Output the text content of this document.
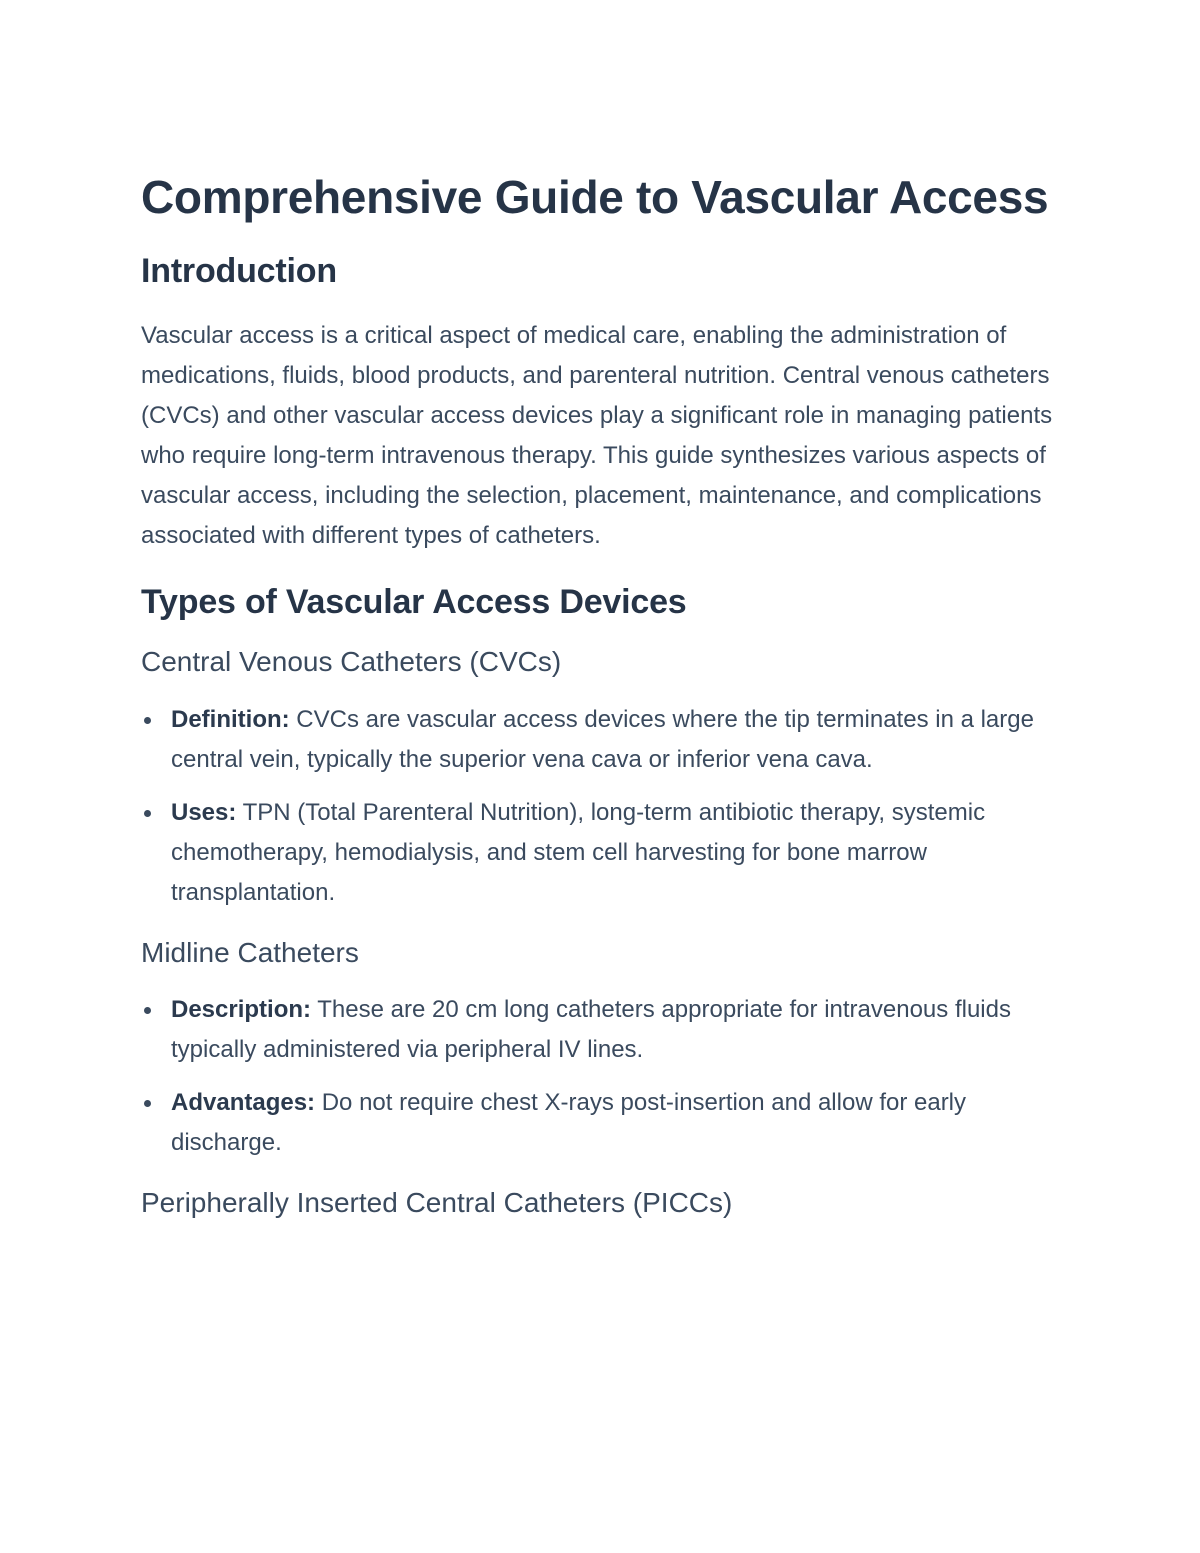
Comprehensive Guide to Vascular Access
Introduction

Vascular access is a critical aspect of medical care, enabling the administration of medications, fluids, blood products, and parenteral nutrition. Central venous catheters (CVCs) and other vascular access devices play a significant role in managing patients who require long-term intravenous therapy. This guide synthesizes various aspects of vascular access, including the selection, placement, maintenance, and complications associated with different types of catheters.

Types of Vascular Access Devices
Central Venous Catheters (CVCs)
Definition: CVCs are vascular access devices where the tip terminates in a large central vein, typically the superior vena cava or inferior vena cava.
Uses: TPN (Total Parenteral Nutrition), long-term antibiotic therapy, systemic chemotherapy, hemodialysis, and stem cell harvesting for bone marrow transplantation.
Midline Catheters
Description: These are 20 cm long catheters appropriate for intravenous fluids typically administered via peripheral IV lines.
Advantages: Do not require chest X-rays post-insertion and allow for early discharge.
Peripherally Inserted Central Catheters (PICCs)
